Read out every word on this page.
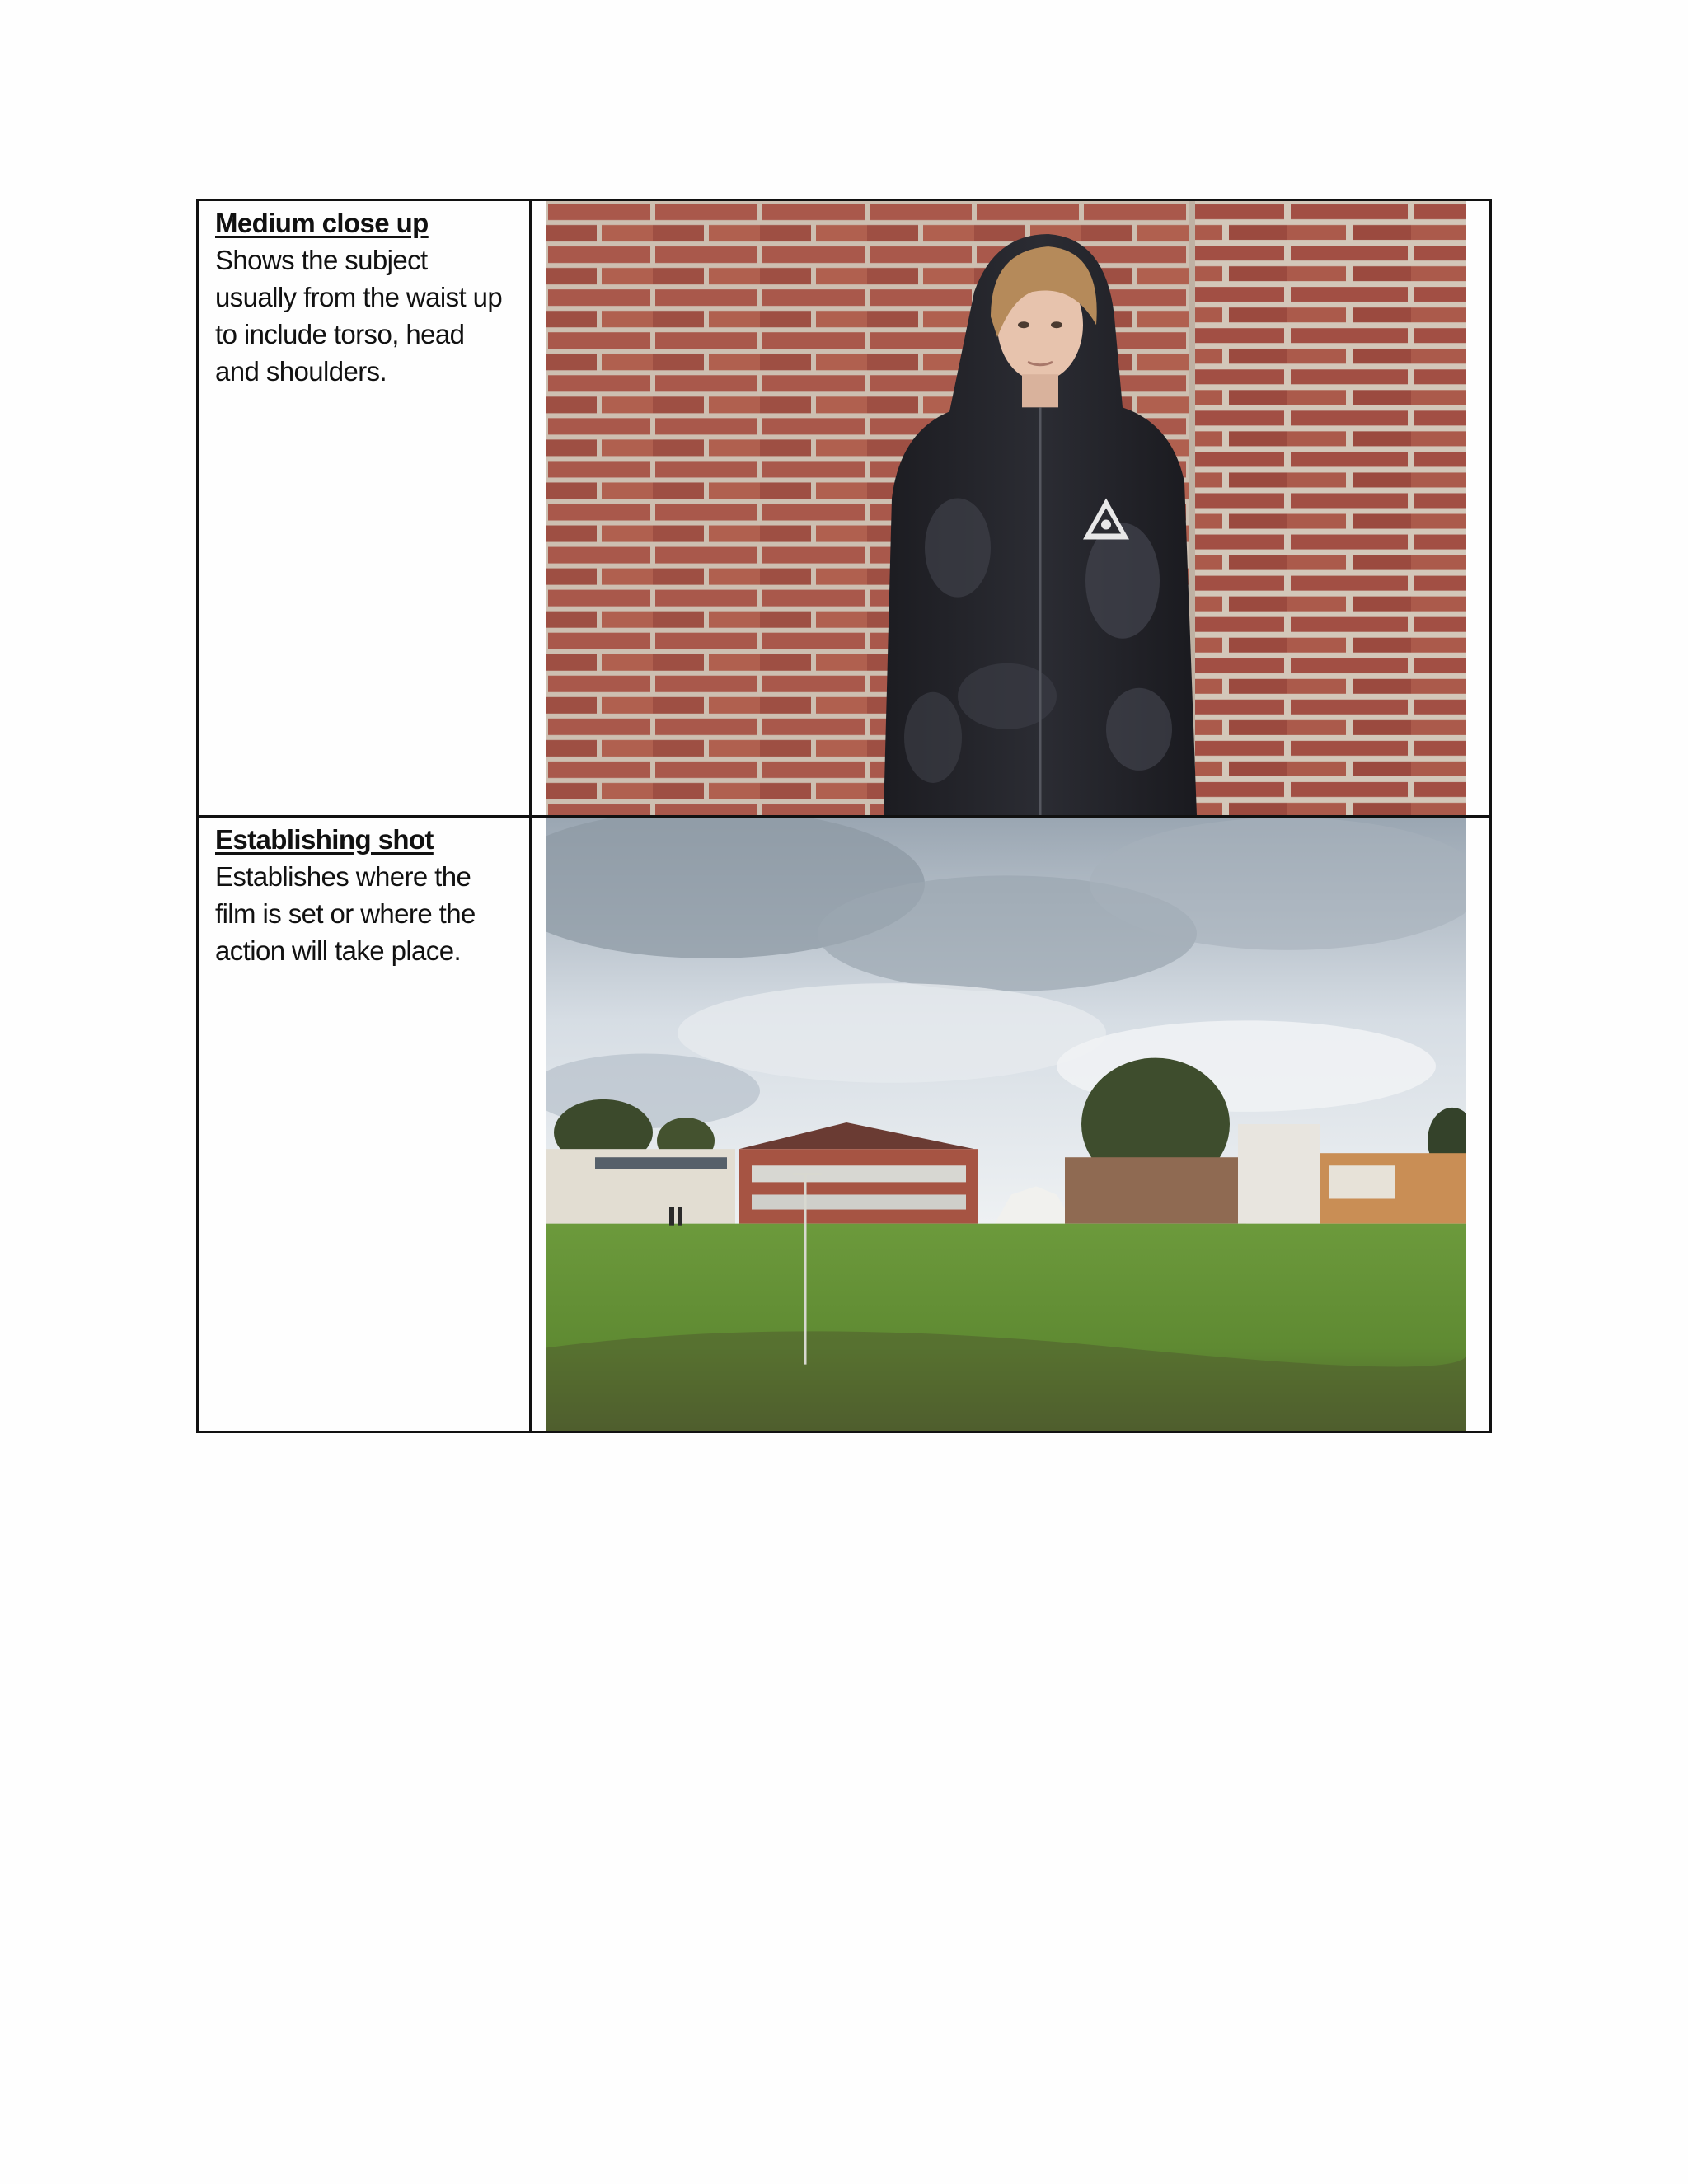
Medium close up
Shows the subject usually from the waist up to include torso, head and shoulders.
Establishing shot
Establishes where the film is set or where the action will take place.
